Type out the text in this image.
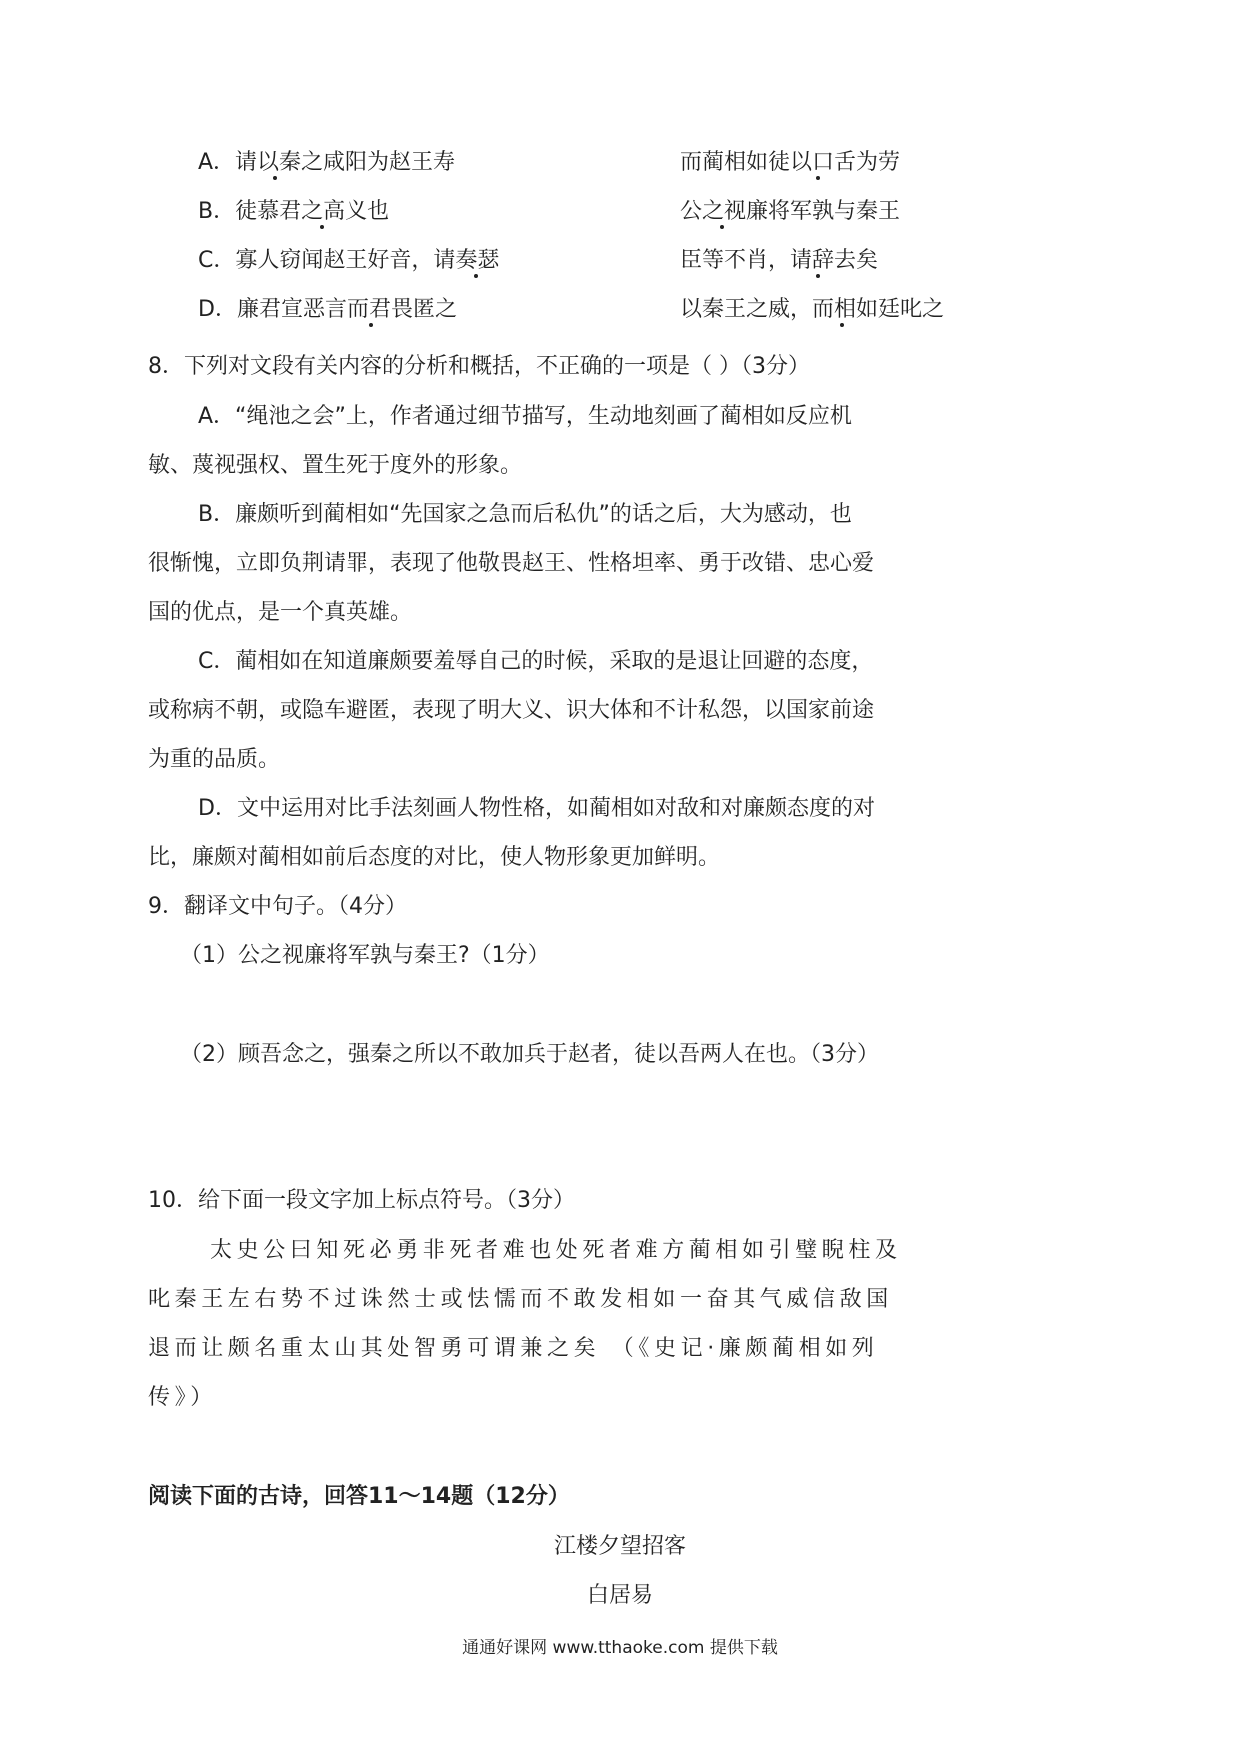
A．请以秦之咸阳为赵王寿	而蔺相如徒以口舌为劳
B．徒慕君之高义也	公之视廉将军孰与秦王
C．寡人窃闻赵王好音，请奏瑟	臣等不肖，请辞去矣
D．廉君宣恶言而君畏匿之	以秦王之威，而相如廷叱之
8．下列对文段有关内容的分析和概括，不正确的一项是（ ）（3分）
A．“绳池之会”上，作者通过细节描写，生动地刻画了蔺相如反应机
敏、蔑视强权、置生死于度外的形象。
B．廉颇听到蔺相如“先国家之急而后私仇”的话之后，大为感动，也
很惭愧，立即负荆请罪，表现了他敬畏赵王、性格坦率、勇于改错、忠心爱
国的优点，是一个真英雄。
C．蔺相如在知道廉颇要羞辱自己的时候，采取的是退让回避的态度，
或称病不朝，或隐车避匿，表现了明大义、识大体和不计私怨，以国家前途
为重的品质。
D．文中运用对比手法刻画人物性格，如蔺相如对敌和对廉颇态度的对
比，廉颇对蔺相如前后态度的对比，使人物形象更加鲜明。
9．翻译文中句子。（4分）
（1）公之视廉将军孰与秦王?（1分）
（2）顾吾念之，强秦之所以不敢加兵于赵者，徒以吾两人在也。（3分）
10．给下面一段文字加上标点符号。（3分）
太史公曰知死必勇非死者难也处死者难方蔺相如引璧睨柱及
叱秦王左右势不过诛然士或怯懦而不敢发相如一奋其气威信敌国
退而让颇名重太山其处智勇可谓兼之矣 （《史记·廉颇蔺相如列
传》）
阅读下面的古诗，回答11～14题（12分）
江楼夕望招客
白居易
通通好课网 www.tthaoke.com 提供下载
